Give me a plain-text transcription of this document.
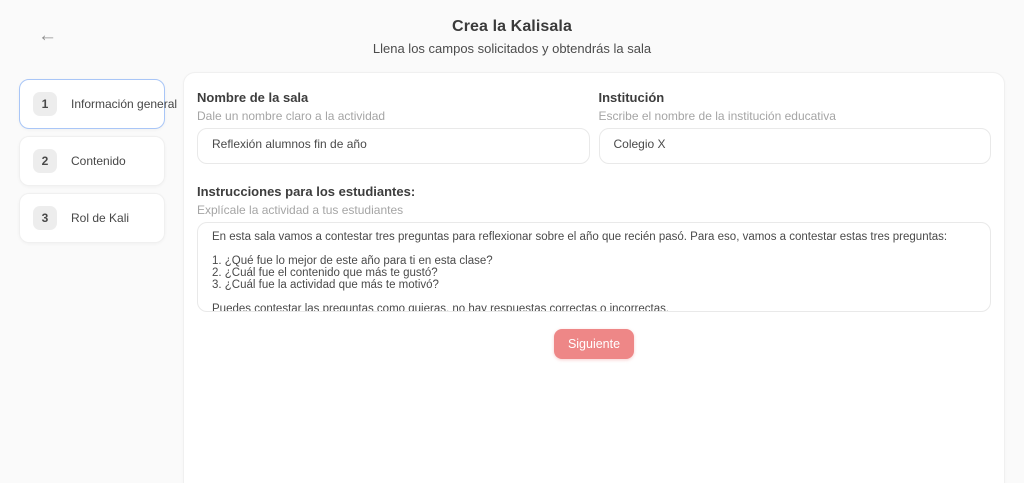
←	Crea la Kalisala
Llena los campos solicitados y obtendrás la sala
1	Información general
2	Contenido
3	Rol de Kali
Nombre de la sala
Dale un nombre claro a la actividad
Reflexión alumnos fin de año
Institución
Escribe el nombre de la institución educativa
Colegio X
Instrucciones para los estudiantes:
Explícale la actividad a tus estudiantes
En esta sala vamos a contestar tres preguntas para reflexionar sobre el año que recién pasó. Para eso, vamos a contestar estas tres preguntas: 1. ¿Qué fue lo mejor de este año para ti en esta clase? 2. ¿Cuál fue el contenido que más te gustó? 3. ¿Cuál fue la actividad que más te motivó? Puedes contestar las preguntas como quieras, no hay respuestas correctas o incorrectas.
Siguiente
